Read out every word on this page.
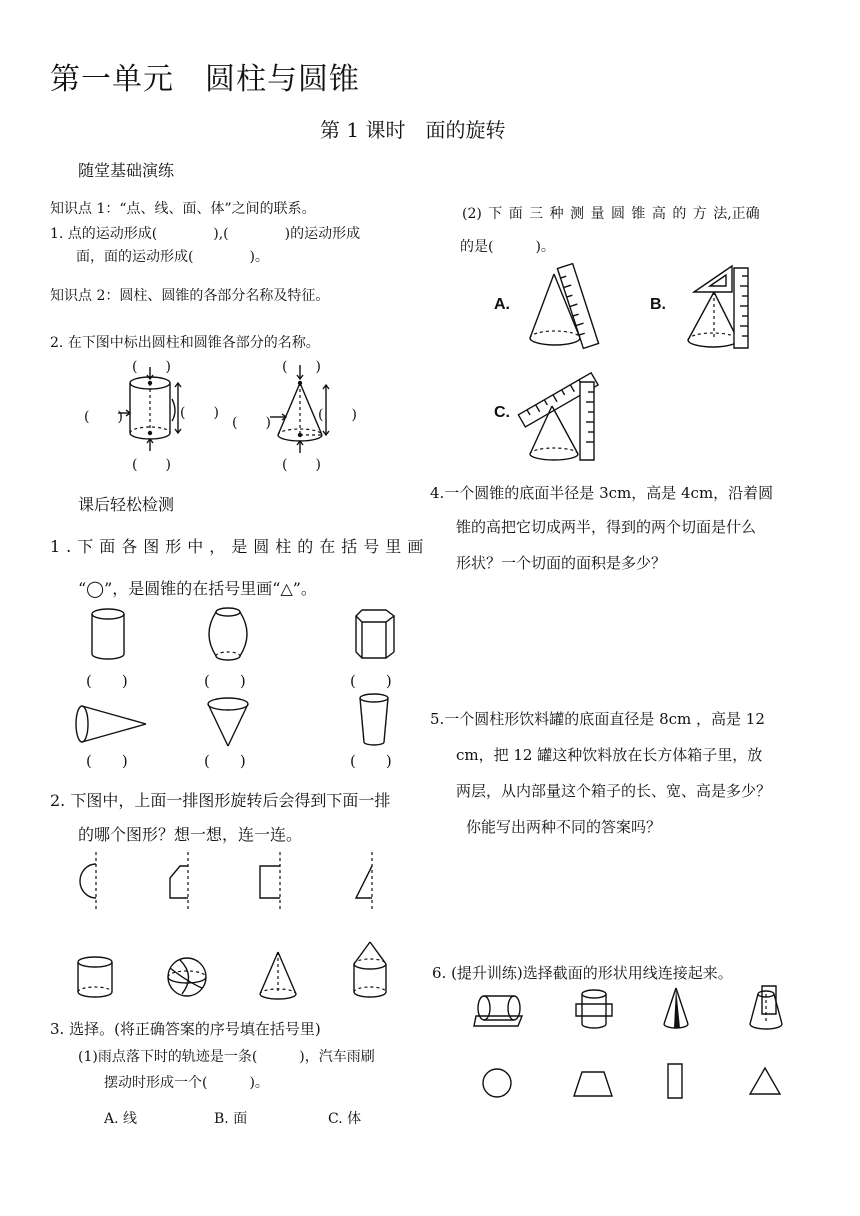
第一单元　圆柱与圆锥
第 1 课时　面的旋转
随堂基础演练
知识点 1：“点、线、面、体”之间的联系。
1. 点的运动形成(　　　　),(　　　　)的运动形成
面，面的运动形成(　　　　)。
知识点 2：圆柱、圆锥的各部分名称及特征。
2. 在下图中标出圆柱和圆锥各部分的名称。
(　　)
(　　)	(　　)
(　　)
(　　)
(　　)	(　　)
(　　)
课后轻松检测
1.下面各图形中，是圆柱的在括号里画
“◯”，是圆锥的在括号里画“△”。
(　　)	(　　)	(　　)
(　　)	(　　)	(　　)
2. 下图中，上面一排图形旋转后会得到下面一排
的哪个图形？想一想，连一连。
3. 选择。(将正确答案的序号填在括号里)
(1)雨点落下时的轨迹是一条(　　　)，汽车雨刷
摆动时形成一个(　　　)。
A. 线	B. 面	C. 体
(2) 下 面 三 种 测 量 圆 锥 高 的 方 法,正确
的是(　　　)。
A.	B.
C.
4.一个圆锥的底面半径是 3cm，高是 4cm，沿着圆
锥的高把它切成两半，得到的两个切面是什么
形状？一个切面的面积是多少？
5.一个圆柱形饮料罐的底面直径是 8cm ，高是 12
cm，把 12 罐这种饮料放在长方体箱子里，放
两层，从内部量这个箱子的长、宽、高是多少？
你能写出两种不同的答案吗？
6. (提升训练)选择截面的形状用线连接起来。
